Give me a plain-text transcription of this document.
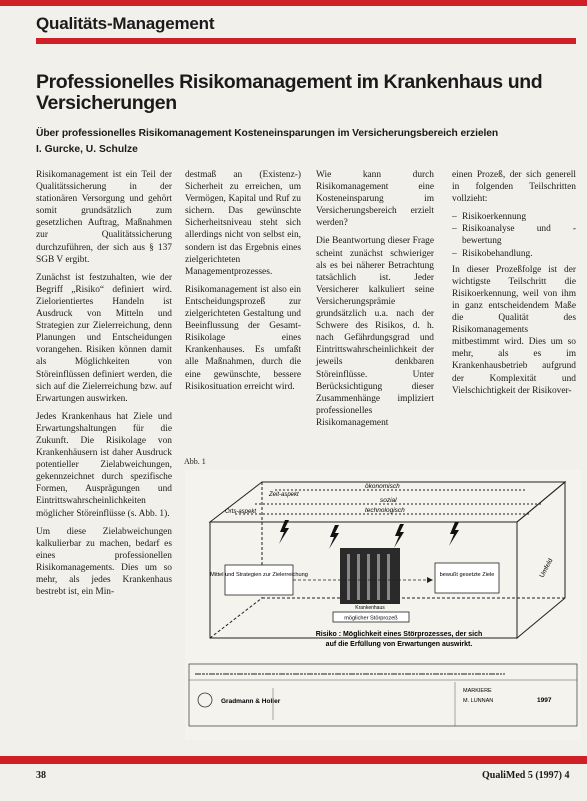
Qualitäts-Management
Professionelles Risikomanagement im Krankenhaus und Versicherungen
Über professionelles Risikomanagement Kosteneinsparungen im Versicherungsbereich erzielen
I. Gurcke, U. Schulze

Risikomanagement ist ein Teil der Qualitätssicherung in der stationären Versorgung und gehört somit grundsätzlich zum gesetzlichen Auftrag, Maßnahmen zur Qualitätssicherung durchzuführen, der sich aus § 137 SGB V ergibt.

Zunächst ist festzuhalten, wie der Begriff „Risiko“ definiert wird. Zielorientiertes Handeln ist Ausdruck von Mitteln und Strategien zur Zielerreichung, denn Planungen und Entscheidungen vorangehen. Risiken können damit als Möglichkeiten von Störeinflüssen definiert werden, die sich auf die Zielerreichung bzw. auf Erwartungen auswirken.

Jedes Krankenhaus hat Ziele und Erwartungshaltungen für die Zukunft. Die Risikolage von Krankenhäusern ist daher Ausdruck potentieller Zielabweichungen, gekennzeichnet durch spezifische Formen, Ausprägungen und Eintrittswahrscheinlichkeiten möglicher Störeinflüsse (s. Abb. 1).

Um diese Zielabweichungen kalkulierbar zu machen, bedarf es eines professionellen Risikomanagements. Dies um so mehr, als jedes Krankenhaus bestrebt ist, ein Min-

destmaß an (Existenz-) Sicherheit zu erreichen, um Vermögen, Kapital und Ruf zu sichern. Das gewünschte Sicherheitsniveau steht sich allerdings nicht von selbst ein, sondern ist das Ergebnis eines zielgerichteten Managementprozesses.

Risikomanagement ist also ein Entscheidungsprozeß zur zielgerichteten Gestaltung und Beeinflussung der Gesamt-Risikolage eines Krankenhauses. Es umfaßt alle Maßnahmen, durch die eine gewünschte, bessere Risikosituation erreicht wird.

Wie kann durch Risikomanagement eine Kosteneinsparung im Versicherungsbereich erzielt werden?

Die Beantwortung dieser Frage scheint zunächst schwieriger als es bei näherer Betrachtung tatsächlich ist. Jeder Versicherer kalkuliert seine Versicherungsprämie grundsätzlich u.a. nach der Schwere des Risikos, d. h. nach Gefährdungsgrad und Eintrittswahrscheinlichkeit der jeweils denkbaren Störeinflüsse. Unter Berücksichtigung dieser Zusammenhänge impliziert professionelles Risikomanagement

einen Prozeß, der sich generell in folgenden Teilschritten vollzieht:

– Risikoerkennung
– Risikoanalyse und -bewertung
– Risikobehandlung.

In dieser Prozeßfolge ist der wichtigste Teilschritt die Risikoerkennung, weil von ihm in ganz entscheidendem Maße die Qualität des Risikomanagements mitbestimmt wird. Dies um so mehr, als es im Krankenhausbetrieb aufgrund der Komplexität und Vielschichtigkeit der Risikover-

Abb. 1
Zeit-aspekt
Orts-aspekt
ökonomisch
sozial
technologisch
Umfeld
Mittel und Strategien zur Zielerreichung
Krankenhaus
möglicher Störprozeß
bewußt gesetzte Ziele
Risiko : Möglichkeit eines Störprozesses, der sich
auf die Erfüllung von Erwartungen auswirkt.
Gradmann & Holler
MARKIERE
M. LUNNAN	1997
38	QualiMed 5 (1997) 4
